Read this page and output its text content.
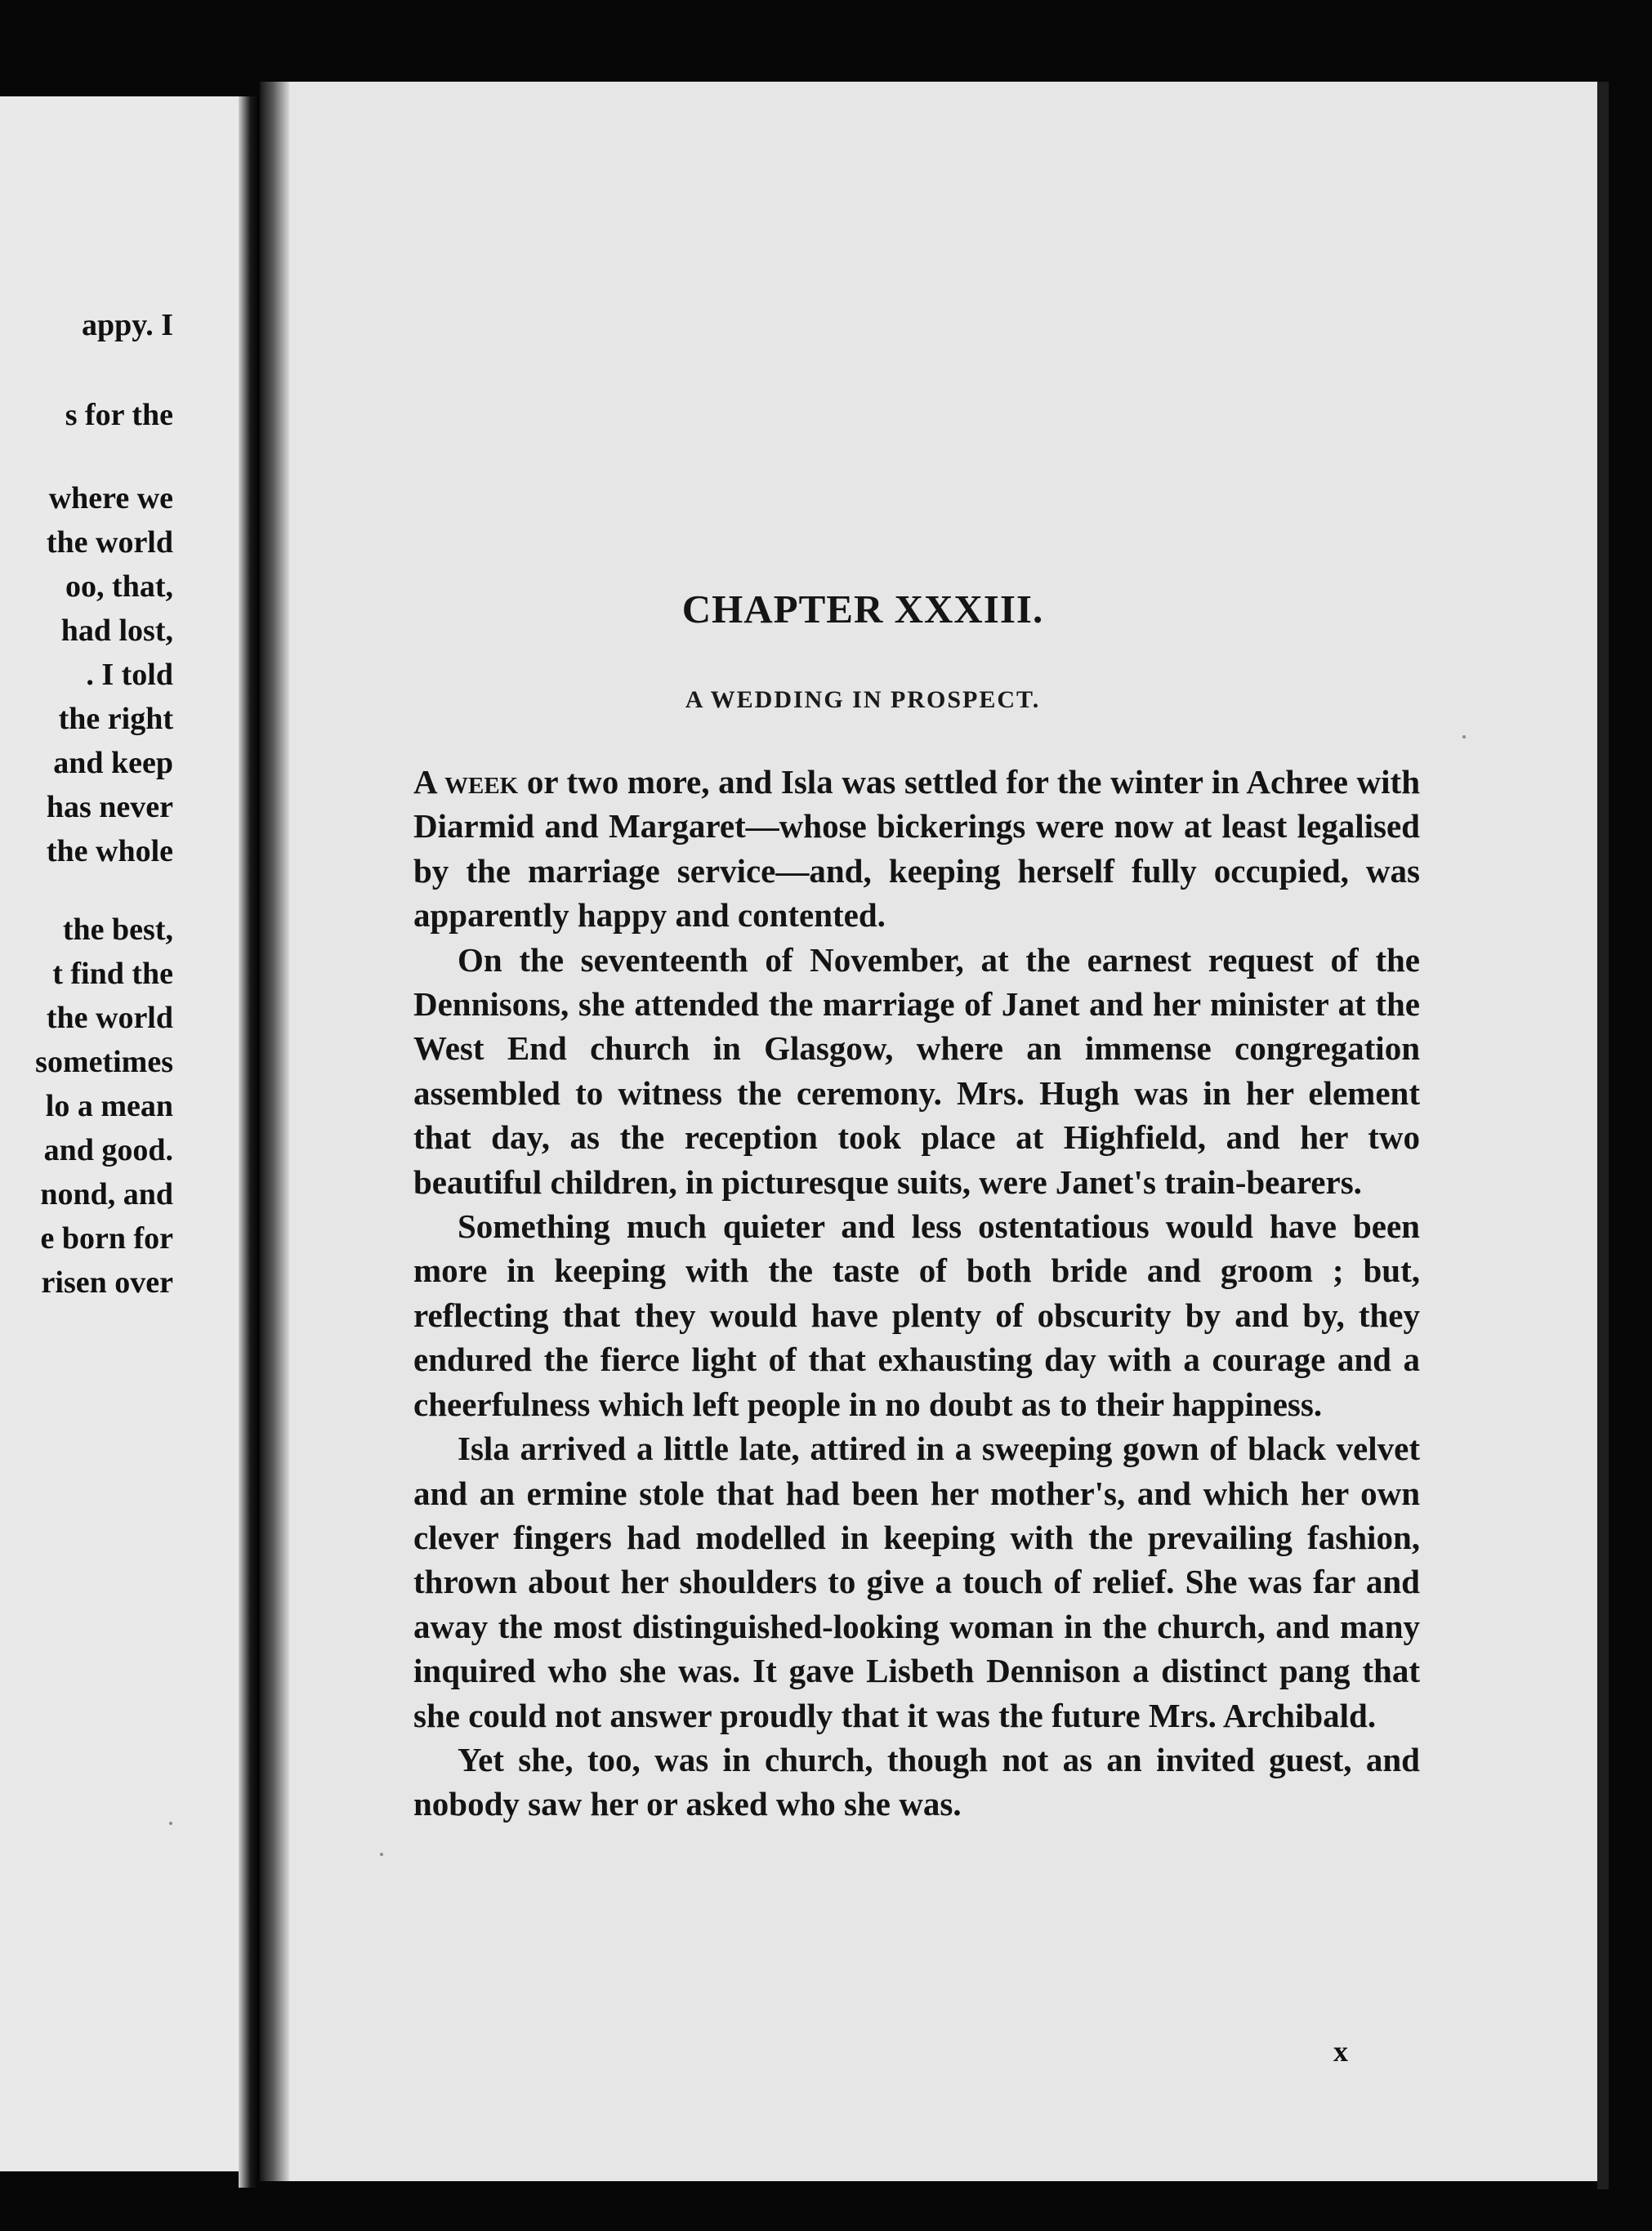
appy. I
s for the
where we
the world
oo, that,
had lost,
. I told
the right
and keep
has never
the whole
the best,
t find the
the world
sometimes
lo a mean
and good.
nond, and
e born for
risen over
CHAPTER XXXIII.
A WEDDING IN PROSPECT.

A week or two more, and Isla was settled for the winter in Achree with Diarmid and Margaret—whose bickerings were now at least legalised by the marriage service—and, keeping herself fully occupied, was apparently happy and contented.

On the seventeenth of November, at the earnest request of the Dennisons, she attended the marriage of Janet and her minister at the West End church in Glasgow, where an immense congregation assembled to witness the ceremony. Mrs. Hugh was in her element that day, as the reception took place at Highfield, and her two beautiful children, in picturesque suits, were Janet's train-bearers.

Something much quieter and less ostentatious would have been more in keeping with the taste of both bride and groom ; but, reflecting that they would have plenty of obscurity by and by, they endured the fierce light of that exhausting day with a courage and a cheerfulness which left people in no doubt as to their happiness.

Isla arrived a little late, attired in a sweeping gown of black velvet and an ermine stole that had been her mother's, and which her own clever fingers had modelled in keeping with the prevailing fashion, thrown about her shoulders to give a touch of relief. She was far and away the most distinguished-looking woman in the church, and many inquired who she was. It gave Lisbeth Dennison a distinct pang that she could not answer proudly that it was the future Mrs. Archibald.

Yet she, too, was in church, though not as an invited guest, and nobody saw her or asked who she was.

x
